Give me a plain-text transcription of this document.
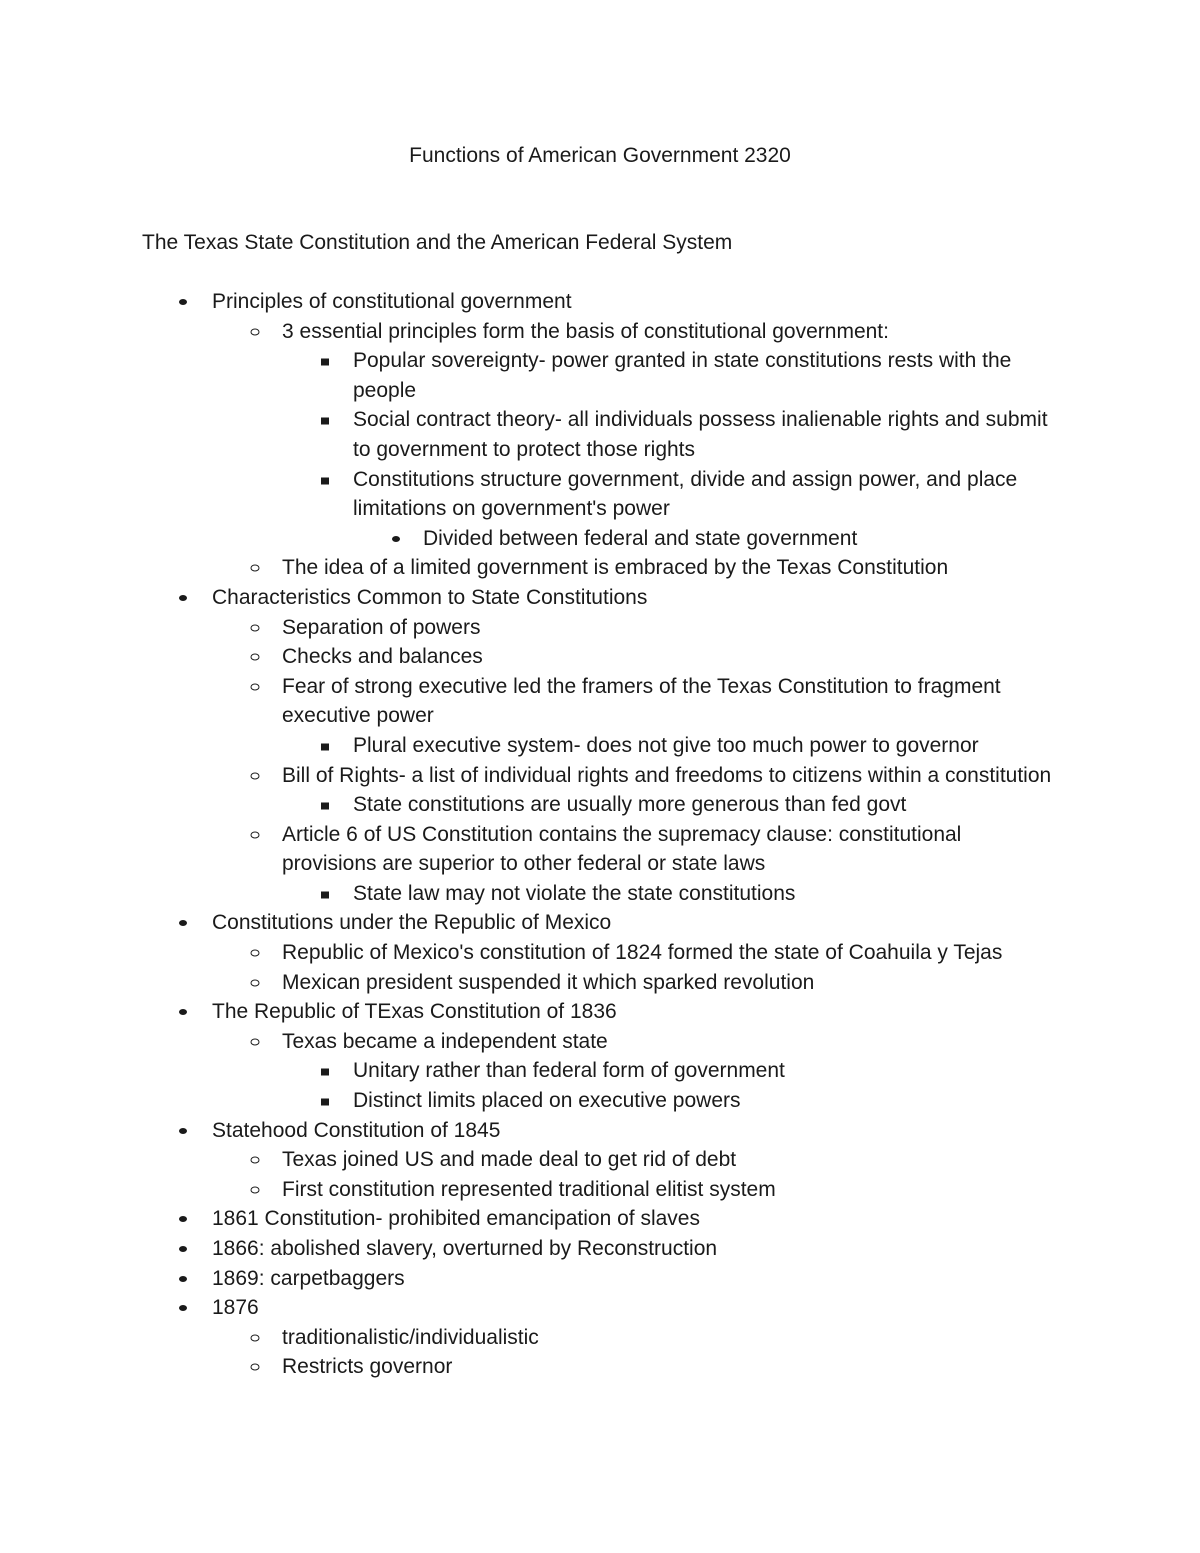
Functions of American Government 2320
The Texas State Constitution and the American Federal System
Principles of constitutional government
3 essential principles form the basis of constitutional government:
Popular sovereignty- power granted in state constitutions rests with the people
Social contract theory- all individuals possess inalienable rights and submit to government to protect those rights
Constitutions structure government, divide and assign power, and place limitations on government's power
Divided between federal and state government
The idea of a limited government is embraced by the Texas Constitution
Characteristics Common to State Constitutions
Separation of powers
Checks and balances
Fear of strong executive led the framers of the Texas Constitution to fragment executive power
Plural executive system- does not give too much power to governor
Bill of Rights- a list of individual rights and freedoms to citizens within a constitution
State constitutions are usually more generous than fed govt
Article 6 of US Constitution contains the supremacy clause: constitutional provisions are superior to other federal or state laws
State law may not violate the state constitutions
Constitutions under the Republic of Mexico
Republic of Mexico's constitution of 1824 formed the state of Coahuila y Tejas
Mexican president suspended it which sparked revolution
The Republic of TExas Constitution of 1836
Texas became a independent state
Unitary rather than federal form of government
Distinct limits placed on executive powers
Statehood Constitution of 1845
Texas joined US and made deal to get rid of debt
First constitution represented traditional elitist system
1861 Constitution- prohibited emancipation of slaves
1866: abolished slavery, overturned by Reconstruction
1869: carpetbaggers
1876
traditionalistic/individualistic
Restricts governor
